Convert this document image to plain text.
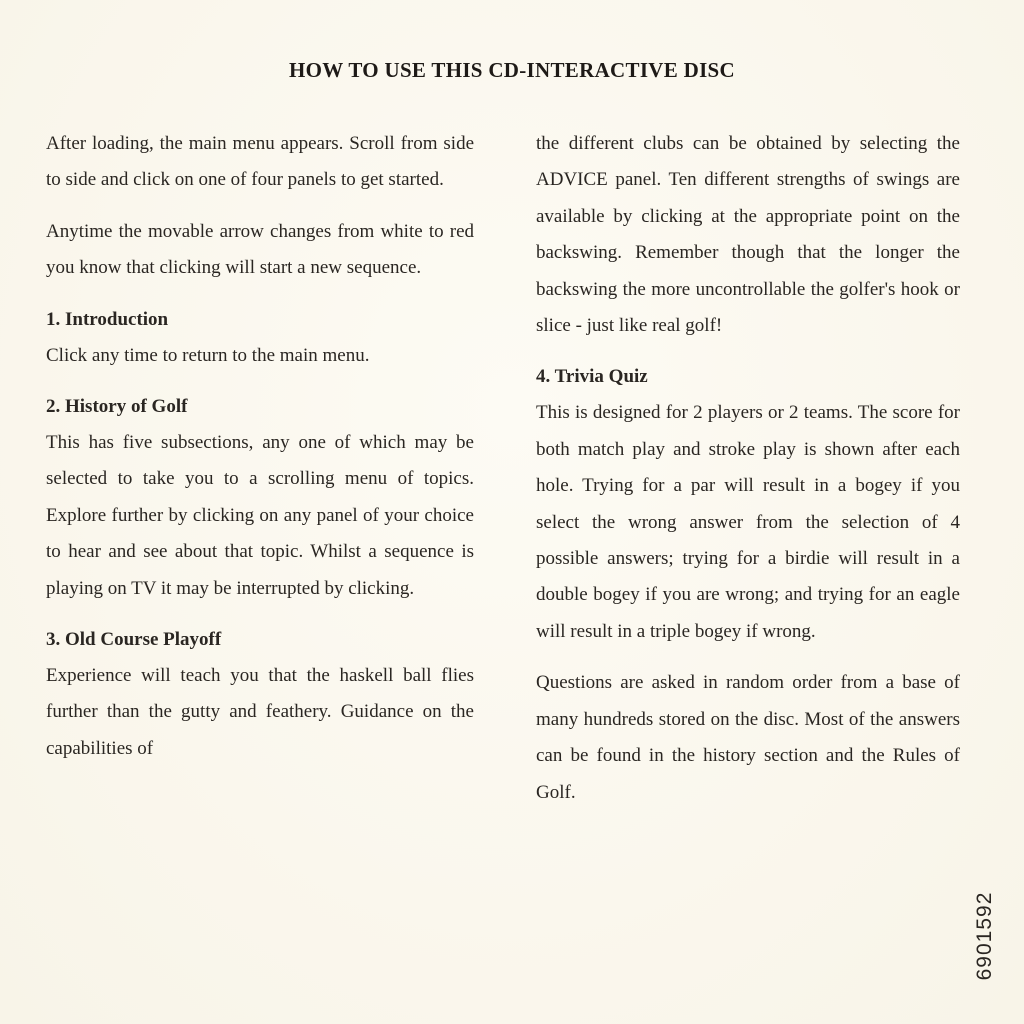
HOW TO USE THIS CD-INTERACTIVE DISC

After loading, the main menu appears. Scroll from side to side and click on one of four panels to get started.

Anytime the movable arrow changes from white to red you know that clicking will start a new sequence.

1. Introduction

Click any time to return to the main menu.

2. History of Golf

This has five subsections, any one of which may be selected to take you to a scrolling menu of topics. Explore further by clicking on any panel of your choice to hear and see about that topic. Whilst a sequence is playing on TV it may be interrupted by clicking.

3. Old Course Playoff

Experience will teach you that the haskell ball flies further than the gutty and feathery. Guidance on the capabilities of

the different clubs can be obtained by selecting the ADVICE panel. Ten different strengths of swings are available by clicking at the appropriate point on the backswing. Remember though that the longer the backswing the more uncontrollable the golfer's hook or slice - just like real golf!

4. Trivia Quiz

This is designed for 2 players or 2 teams. The score for both match play and stroke play is shown after each hole. Trying for a par will result in a bogey if you select the wrong answer from the selection of 4 possible answers; trying for a birdie will result in a double bogey if you are wrong; and trying for an eagle will result in a triple bogey if wrong.

Questions are asked in random order from a base of many hundreds stored on the disc. Most of the answers can be found in the history section and the Rules of Golf.

6901592
